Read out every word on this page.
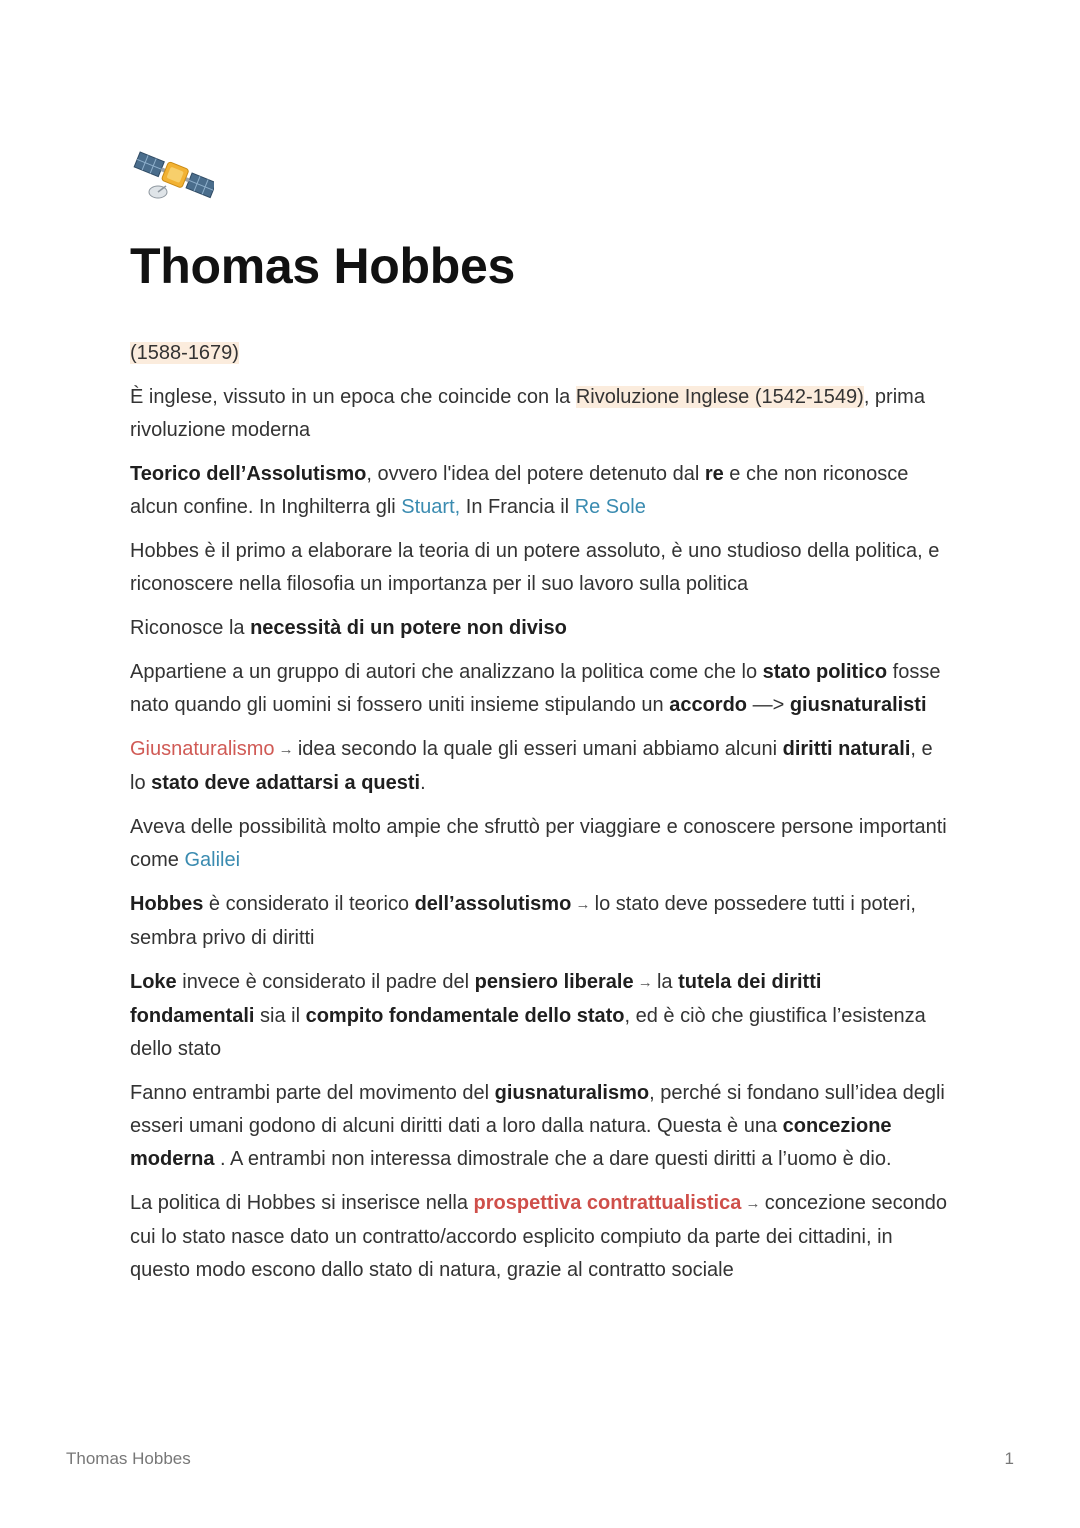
Thomas Hobbes

(1588-1679)

È inglese, vissuto in un epoca che coincide con la Rivoluzione Inglese (1542-1549), prima rivoluzione moderna

Teorico dell’Assolutismo, ovvero l'idea del potere detenuto dal re e che non riconosce alcun confine. In Inghilterra gli Stuart, In Francia il Re Sole

Hobbes è il primo a elaborare la teoria di un potere assoluto, è uno studioso della politica, e riconoscere nella filosofia un importanza per il suo lavoro sulla politica

Riconosce la necessità di un potere non diviso

Appartiene a un gruppo di autori che analizzano la politica come che lo stato politico fosse nato quando gli uomini si fossero uniti insieme stipulando un accordo —> giusnaturalisti

Giusnaturalismo → idea secondo la quale gli esseri umani abbiamo alcuni diritti naturali, e lo stato deve adattarsi a questi.

Aveva delle possibilità molto ampie che sfruttò per viaggiare e conoscere persone importanti come Galilei

Hobbes è considerato il teorico dell’assolutismo → lo stato deve possedere tutti i poteri, sembra privo di diritti

Loke invece è considerato il padre del pensiero liberale → la tutela dei diritti fondamentali sia il compito fondamentale dello stato, ed è ciò che giustifica l’esistenza dello stato

Fanno entrambi parte del movimento del giusnaturalismo, perché si fondano sull’idea degli esseri umani godono di alcuni diritti dati a loro dalla natura. Questa è una concezione moderna . A entrambi non interessa dimostrale che a dare questi diritti a l’uomo è dio.

La politica di Hobbes si inserisce nella prospettiva contrattualistica → concezione secondo cui lo stato nasce dato un contratto/accordo esplicito compiuto da parte dei cittadini, in questo modo escono dallo stato di natura, grazie al contratto sociale

Thomas Hobbes	1
